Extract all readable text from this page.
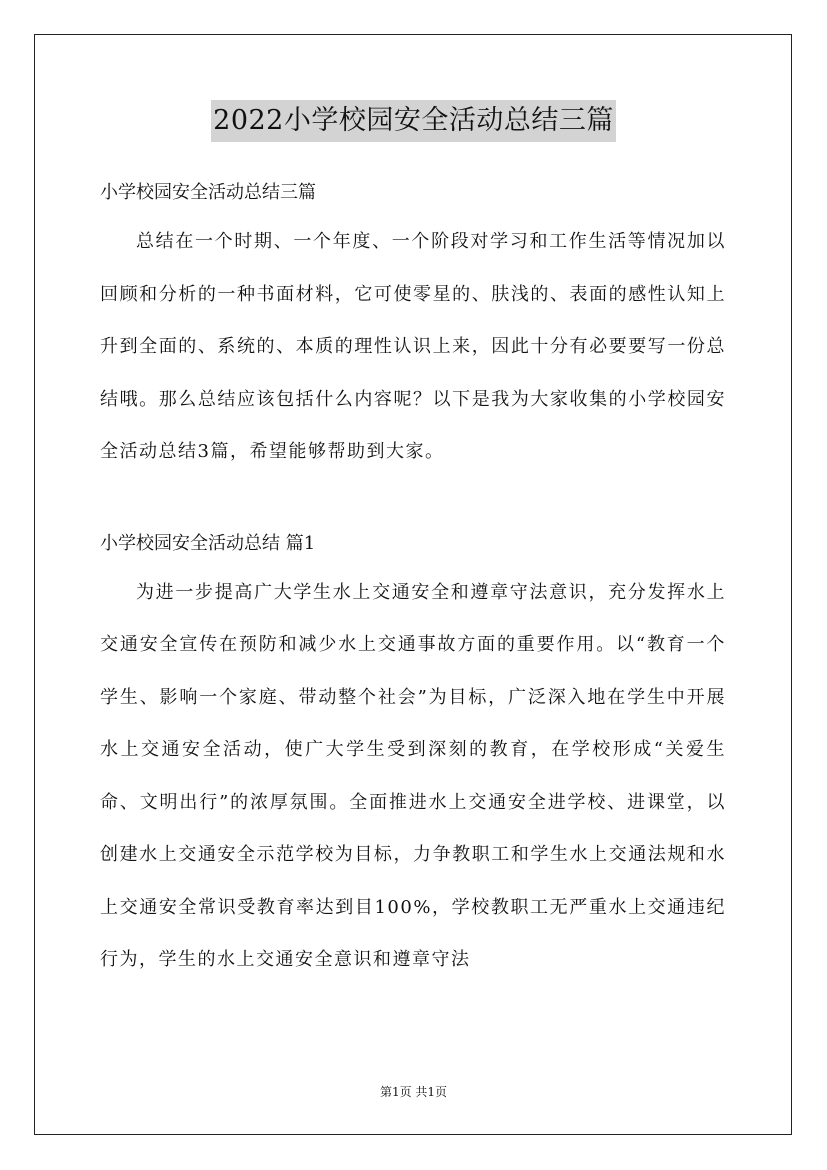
2022小学校园安全活动总结三篇

小学校园安全活动总结三篇

总结在一个时期、一个年度、一个阶段对学习和工作生活等情况加以回顾和分析的一种书面材料，它可使零星的、肤浅的、表面的感性认知上升到全面的、系统的、本质的理性认识上来，因此十分有必要要写一份总结哦。那么总结应该包括什么内容呢？以下是我为大家收集的小学校园安全活动总结3篇，希望能够帮助到大家。

小学校园安全活动总结 篇1

为进一步提高广大学生水上交通安全和遵章守法意识，充分发挥水上交通安全宣传在预防和减少水上交通事故方面的重要作用。以“教育一个学生、影响一个家庭、带动整个社会”为目标，广泛深入地在学生中开展水上交通安全活动，使广大学生受到深刻的教育，在学校形成“关爱生命、文明出行”的浓厚氛围。全面推进水上交通安全进学校、进课堂，以创建水上交通安全示范学校为目标，力争教职工和学生水上交通法规和水上交通安全常识受教育率达到目100%，学校教职工无严重水上交通违纪行为，学生的水上交通安全意识和遵章守法

第1页 共1页
